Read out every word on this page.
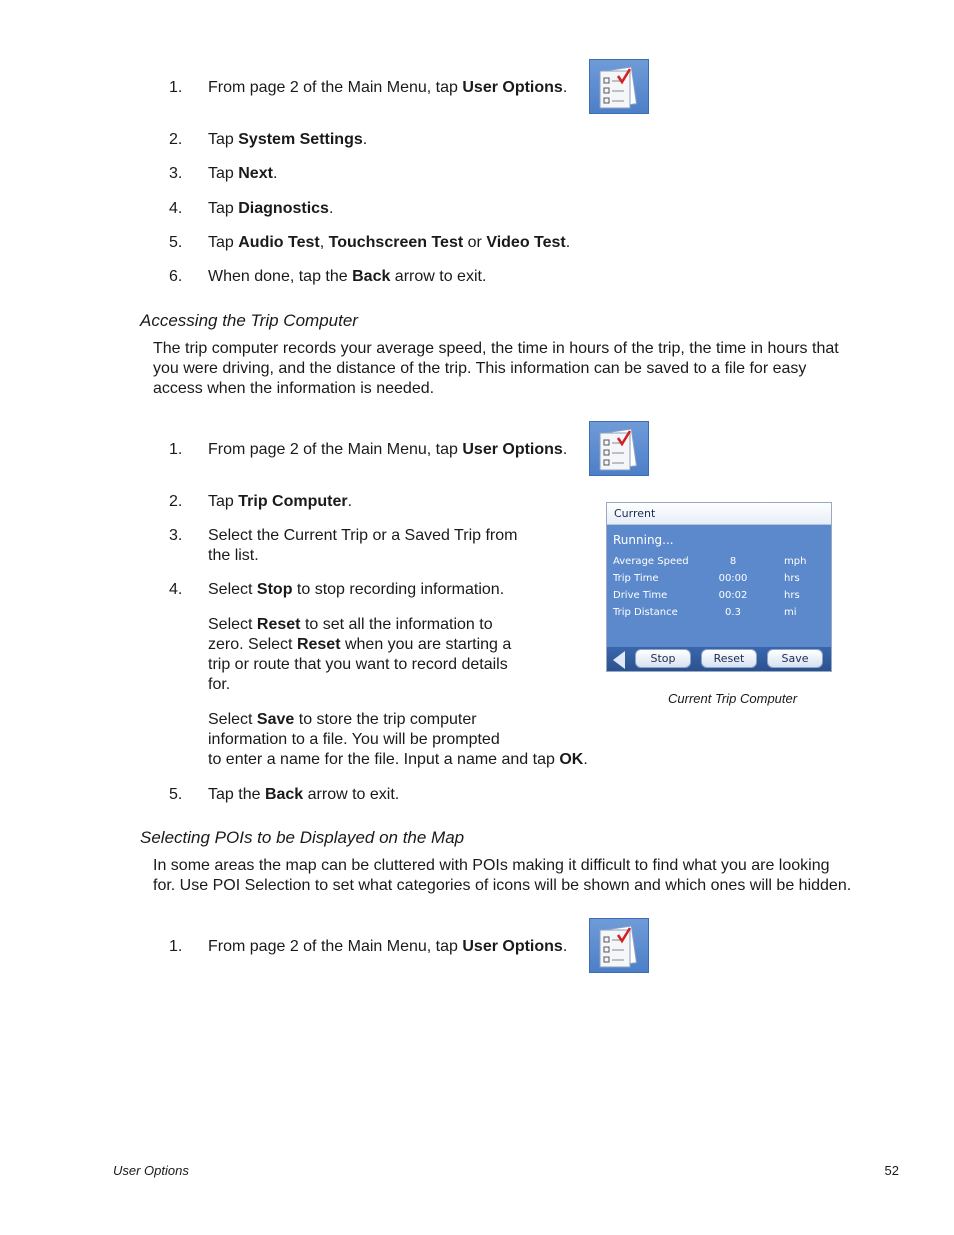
1.	From page 2 of the Main Menu, tap User Options.
2.	Tap System Settings.
3.	Tap Next.
4.	Tap Diagnostics.
5.	Tap Audio Test, Touchscreen Test or Video Test.
6.	When done, tap the Back arrow to exit.
Accessing the Trip Computer
The trip computer records your average speed, the time in hours of the trip, the time in hours that
you were driving, and the distance of the trip. This information can be saved to a file for easy
access when the information is needed.
1.	From page 2 of the Main Menu, tap User Options.
2.	Tap Trip Computer.
3.	Select the Current Trip or a Saved Trip from
the list.
4.	Select Stop to stop recording information.
Select Reset to set all the information to
zero. Select Reset when you are starting a
trip or route that you want to record details
for.
Select Save to store the trip computer
information to a file. You will be prompted
to enter a name for the file. Input a name and tap OK.
5.	Tap the Back arrow to exit.
Current
Running...
Average Speed	8	mph
Trip Time	00:00	hrs
Drive Time	00:02	hrs
Trip Distance	0.3	mi
Stop	Reset	Save
Current Trip Computer
Selecting POIs to be Displayed on the Map
In some areas the map can be cluttered with POIs making it difficult to find what you are looking
for. Use POI Selection to set what categories of icons will be shown and which ones will be hidden.
1.	From page 2 of the Main Menu, tap User Options.
User Options	52
